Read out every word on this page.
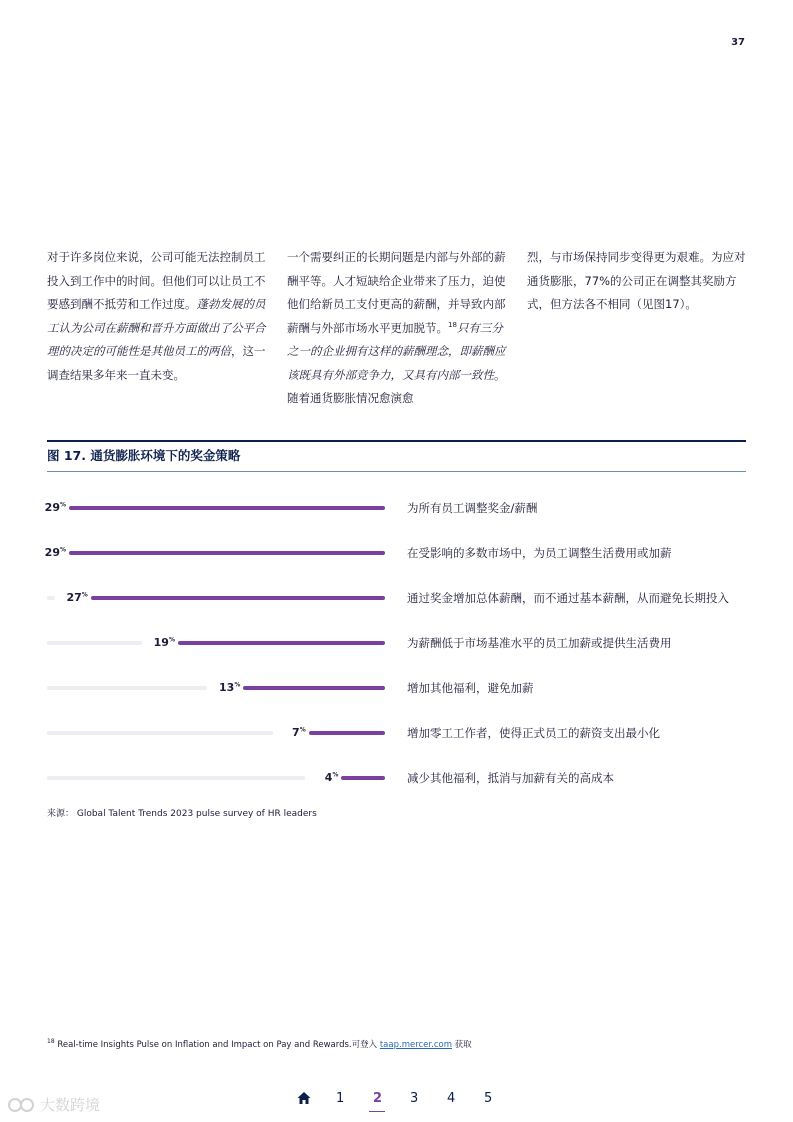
37
对于许多岗位来说，公司可能无法控制员工投入到工作中的时间。但他们可以让员工不要感到酬不抵劳和工作过度。蓬勃发展的员工认为公司在薪酬和晋升方面做出了公平合理的决定的可能性是其他员工的两倍，这一调查结果多年来一直未变。
一个需要纠正的长期问题是内部与外部的薪酬平等。人才短缺给企业带来了压力，迫使他们给新员工支付更高的薪酬，并导致内部薪酬与外部市场水平更加脱节。$^{18}$只有三分之一的企业拥有这样的薪酬理念，即薪酬应该既具有外部竞争力，又具有内部一致性。随着通货膨胀情况愈演愈
烈，与市场保持同步变得更为艰难。为应对通货膨胀，77%的公司正在调整其奖励方式，但方法各不相同（见图17）。
图 17. 通货膨胀环境下的奖金策略
29%	为所有员工调整奖金/薪酬
29%	在受影响的多数市场中，为员工调整生活费用或加薪
27%	通过奖金增加总体薪酬，而不通过基本薪酬，从而避免长期投入
19%	为薪酬低于市场基准水平的员工加薪或提供生活费用
13%	增加其他福利，避免加薪
7%	增加零工工作者，使得正式员工的薪资支出最小化
4%	减少其他福利，抵消与加薪有关的高成本
来源： Global Talent Trends 2023 pulse survey of HR leaders
$^{18}$ Real-time Insights Pulse on Inflation and Impact on Pay and Rewards.可登入 taap.mercer.com 获取
1	2	3	4	5
大数跨境
